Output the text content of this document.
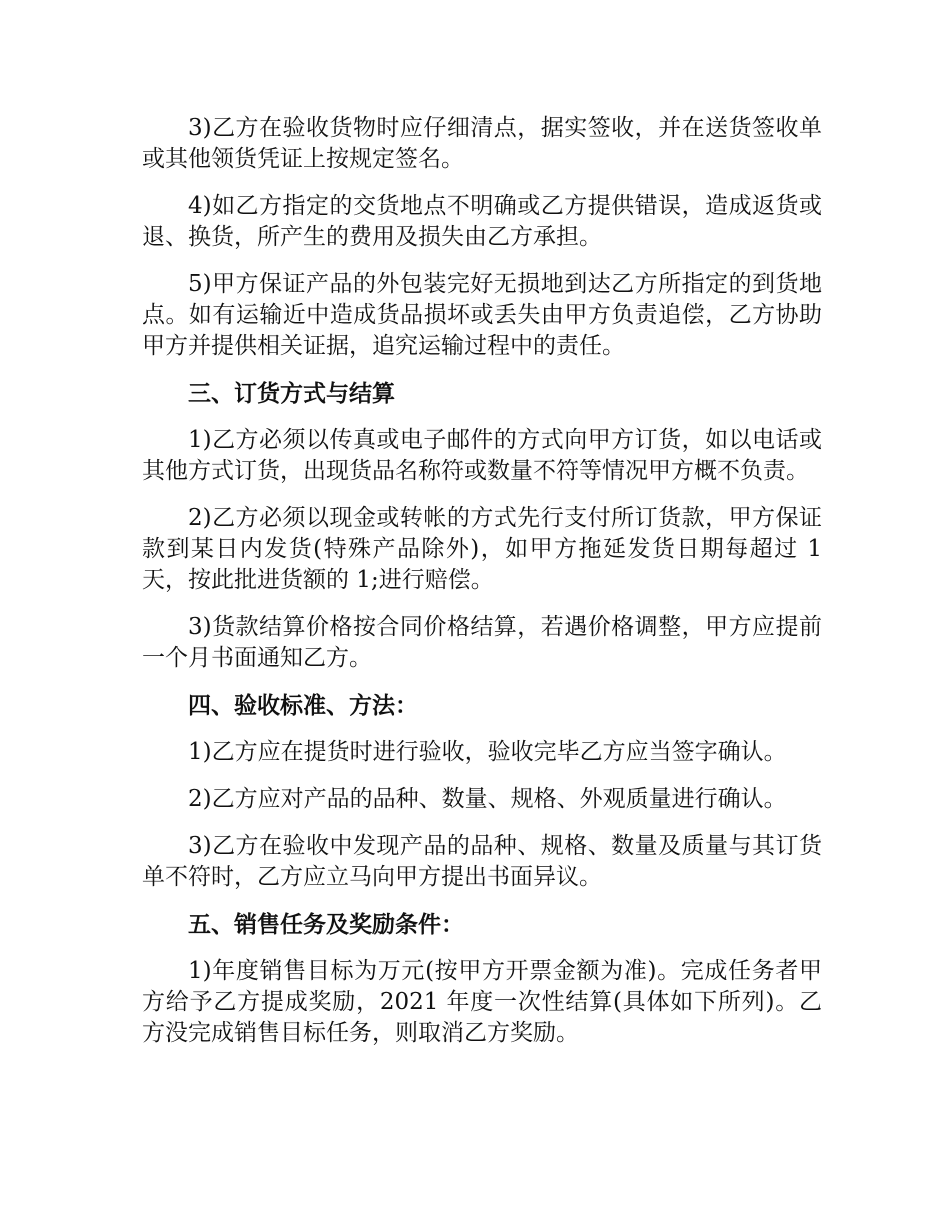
3)乙方在验收货物时应仔细清点，据实签收，并在送货签收单或其他领货凭证上按规定签名。

4)如乙方指定的交货地点不明确或乙方提供错误，造成返货或退、换货，所产生的费用及损失由乙方承担。

5)甲方保证产品的外包装完好无损地到达乙方所指定的到货地点。如有运输近中造成货品损坏或丢失由甲方负责追偿，乙方协助甲方并提供相关证据，追究运输过程中的责任。

三、订货方式与结算

1)乙方必须以传真或电子邮件的方式向甲方订货，如以电话或其他方式订货，出现货品名称符或数量不符等情况甲方概不负责。

2)乙方必须以现金或转帐的方式先行支付所订货款，甲方保证款到某日内发货(特殊产品除外)，如甲方拖延发货日期每超过 1 天，按此批进货额的 1;进行赔偿。

3)货款结算价格按合同价格结算，若遇价格调整，甲方应提前一个月书面通知乙方。

四、验收标准、方法：

1)乙方应在提货时进行验收，验收完毕乙方应当签字确认。

2)乙方应对产品的品种、数量、规格、外观质量进行确认。

3)乙方在验收中发现产品的品种、规格、数量及质量与其订货单不符时，乙方应立马向甲方提出书面异议。

五、销售任务及奖励条件：

1)年度销售目标为万元(按甲方开票金额为准)。完成任务者甲方给予乙方提成奖励，2021 年度一次性结算(具体如下所列)。乙方没完成销售目标任务，则取消乙方奖励。
